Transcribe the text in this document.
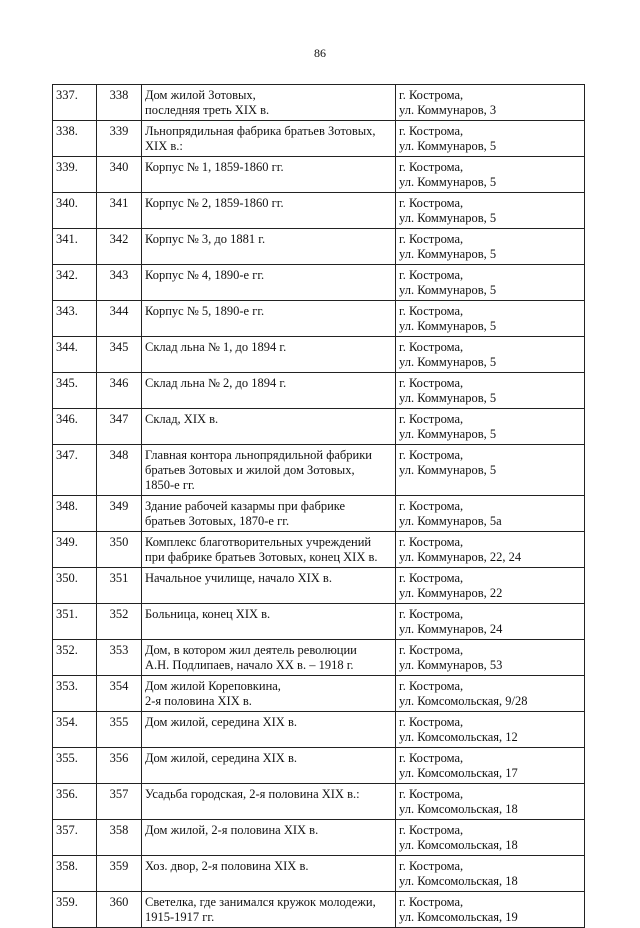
86
337.	338	Дом жилой Зотовых,
последняя треть XIX в.	г. Кострома,
ул. Коммунаров, 3

338.	339	Льнопрядильная фабрика братьев Зотовых,
XIX в.:	г. Кострома,
ул. Коммунаров, 5

339.	340	Корпус № 1, 1859-1860 гг.	г. Кострома,
ул. Коммунаров, 5

340.	341	Корпус № 2, 1859-1860 гг.	г. Кострома,
ул. Коммунаров, 5

341.	342	Корпус № 3, до 1881 г.	г. Кострома,
ул. Коммунаров, 5

342.	343	Корпус № 4, 1890-е гг.	г. Кострома,
ул. Коммунаров, 5

343.	344	Корпус № 5, 1890-е гг.	г. Кострома,
ул. Коммунаров, 5

344.	345	Склад льна № 1, до 1894 г.	г. Кострома,
ул. Коммунаров, 5

345.	346	Склад льна № 2, до 1894 г.	г. Кострома,
ул. Коммунаров, 5

346.	347	Склад, XIX в.	г. Кострома,
ул. Коммунаров, 5

347.	348	Главная контора льнопрядильной фабрики
братьев Зотовых и жилой дом Зотовых,
1850-е гг.	г. Кострома,
ул. Коммунаров, 5

348.	349	Здание рабочей казармы при фабрике
братьев Зотовых, 1870-е гг.	г. Кострома,
ул. Коммунаров, 5а

349.	350	Комплекс благотворительных учреждений
при фабрике братьев Зотовых, конец XIX в.	г. Кострома,
ул. Коммунаров, 22, 24

350.	351	Начальное училище, начало XIX в.	г. Кострома,
ул. Коммунаров, 22

351.	352	Больница, конец XIX в.	г. Кострома,
ул. Коммунаров, 24

352.	353	Дом, в котором жил деятель революции
А.Н. Подлипаев, начало XX в. – 1918 г.	г. Кострома,
ул. Коммунаров, 53

353.	354	Дом жилой Кореповкина,
2-я половина XIX в.	г. Кострома,
ул. Комсомольская, 9/28

354.	355	Дом жилой, середина XIX в.	г. Кострома,
ул. Комсомольская, 12

355.	356	Дом жилой, середина XIX в.	г. Кострома,
ул. Комсомольская, 17

356.	357	Усадьба городская, 2-я половина XIX в.:	г. Кострома,
ул. Комсомольская, 18

357.	358	Дом жилой, 2-я половина XIX в.	г. Кострома,
ул. Комсомольская, 18

358.	359	Хоз. двор, 2-я половина XIX в.	г. Кострома,
ул. Комсомольская, 18

359.	360	Светелка, где занимался кружок молодежи,
1915-1917 гг.	г. Кострома,
ул. Комсомольская, 19
